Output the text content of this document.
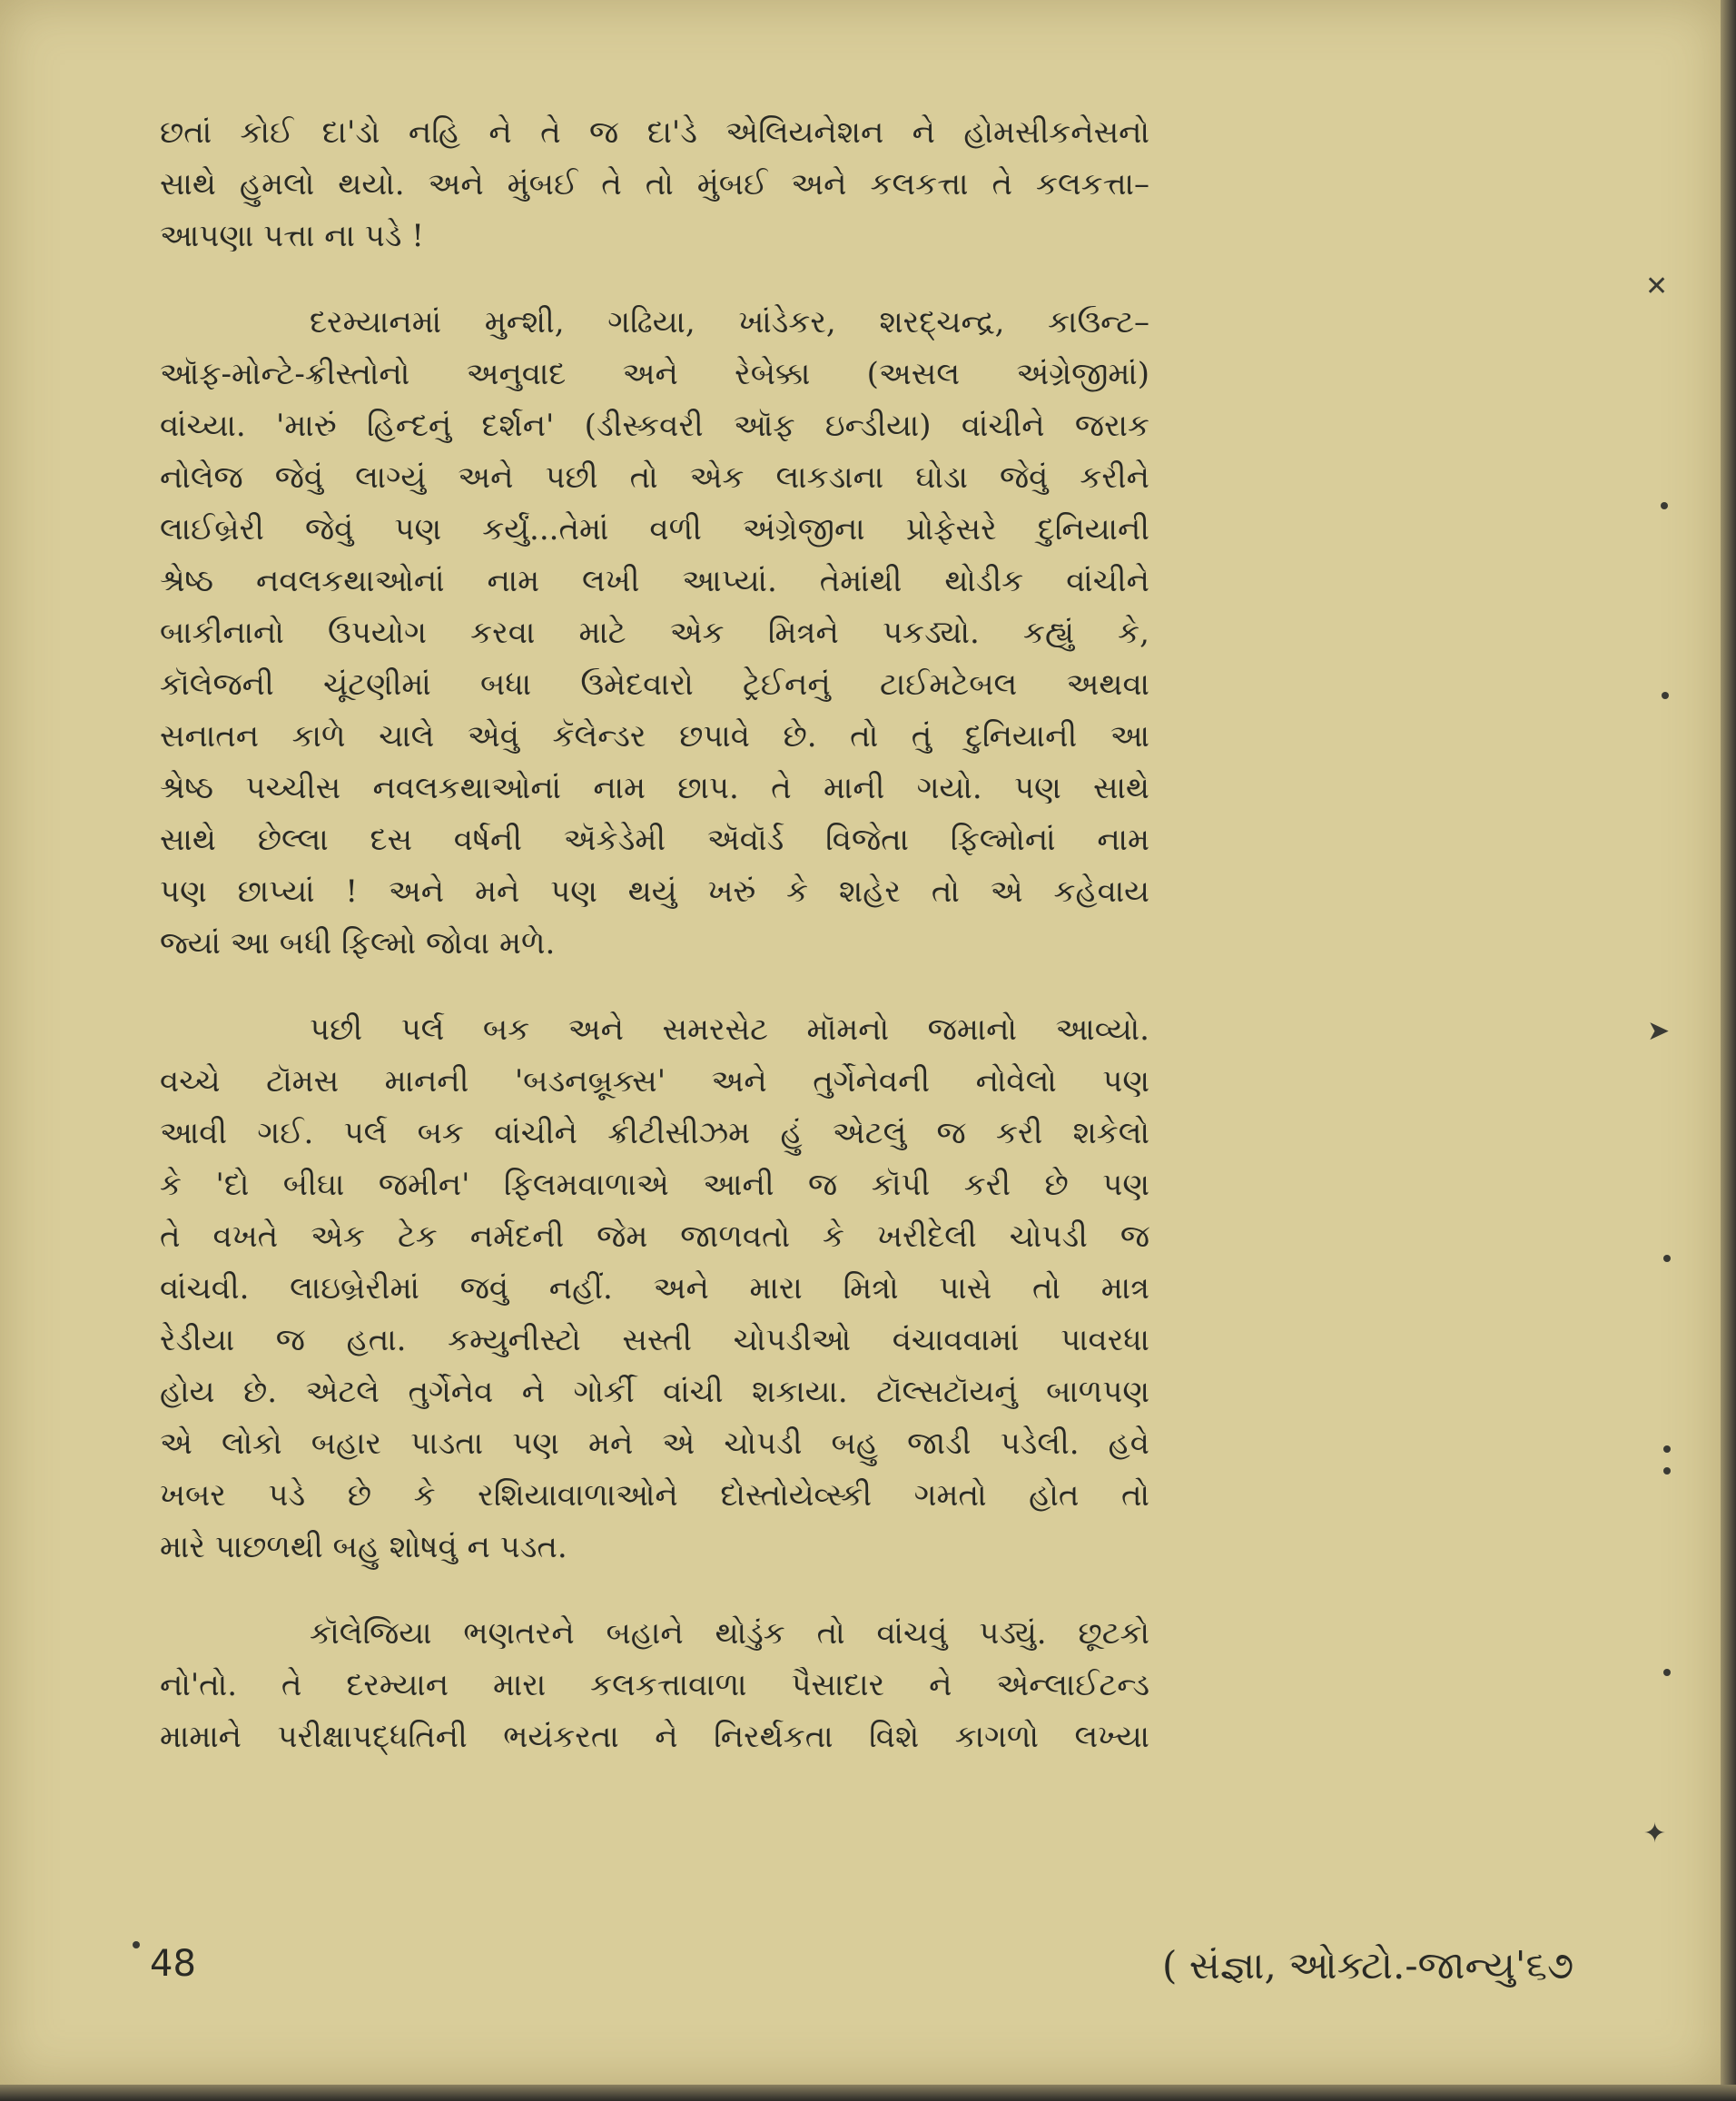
છતાં કોઈ દા'ડો નહિ ને તે જ દા'ડે એલિયનેશન ને હોમસીકનેસનો
સાથે હુમલો થયો. અને મુંબઈ તે તો મુંબઈ અને કલકત્તા તે કલકત્તા–
આપણા પત્તા ના પડે !
દરમ્યાનમાં મુન્શી, ગઢિયા, ખાંડેકર, શરદ્ચન્દ્ર, કાઉન્ટ–
ઑફ-મોન્ટે-ક્રીસ્તોનો અનુવાદ અને રેબેક્કા (અસલ અંગ્રેજીમાં)
વાંચ્યા. 'મારું હિન્દનું દર્શન' (ડીસ્કવરી ઑફ ઇન્ડીયા) વાંચીને જરાક
નોલેજ જેવું લાગ્યું અને પછી તો એક લાકડાના ઘોડા જેવું કરીને
લાઈબ્રેરી જેવું પણ કર્યું...તેમાં વળી અંગ્રેજીના પ્રોફેસરે દુનિયાની
શ્રેષ્ઠ નવલકથાઓનાં નામ લખી આપ્યાં. તેમાંથી થોડીક વાંચીને
બાકીનાનો ઉપયોગ કરવા માટે એક મિત્રને પકડ્યો. કહ્યું કે,
કૉલેજની ચૂંટણીમાં બધા ઉમેદવારો ટ્રેઈનનું ટાઈમટેબલ અથવા
સનાતન કાળે ચાલે એવું કૅલેન્ડર છપાવે છે. તો તું દુનિયાની આ
શ્રેષ્ઠ પચ્ચીસ નવલકથાઓનાં નામ છાપ. તે માની ગયો. પણ સાથે
સાથે છેલ્લા દસ વર્ષની ઍકેડેમી ઍવૉર્ડ વિજેતા ફિલ્મોનાં નામ
પણ છાપ્યાં ! અને મને પણ થયું ખરું કે શહેર તો એ કહેવાય
જ્યાં આ બધી ફિલ્મો જોવા મળે.
પછી પર્લ બક અને સમરસેટ મૉમનો જમાનો આવ્યો.
વચ્ચે ટૉમસ માનની 'બડનબ્રૂક્સ' અને તુર્ગેનેવની નોવેલો પણ
આવી ગઈ. પર્લ બક વાંચીને ક્રીટીસીઝમ હું એટલું જ કરી શકેલો
કે 'દો બીઘા જમીન' ફિલમવાળાએ આની જ કૉપી કરી છે પણ
તે વખતે એક ટેક નર્મદની જેમ જાળવતો કે ખરીદેલી ચોપડી જ
વાંચવી. લાઇબ્રેરીમાં જવું નહીં. અને મારા મિત્રો પાસે તો માત્ર
રેડીયા જ હતા. કમ્યુનીસ્ટો સસ્તી ચોપડીઓ વંચાવવામાં પાવરધા
હોય છે. એટલે તુર્ગેનેવ ને ગોર્કી વાંચી શકાયા. ટૉલ્સટૉયનું બાળપણ
એ લોકો બહાર પાડતા પણ મને એ ચોપડી બહુ જાડી પડેલી. હવે
ખબર પડે છે કે રશિયાવાળાઓને દોસ્તોયેવ્સ્કી ગમતો હોત તો
મારે પાછળથી બહુ શોષવું ન પડત.
કૉલેજિયા ભણતરને બહાને થોડુંક તો વાંચવું પડ્યું. છૂટકો
નો'તો. તે દરમ્યાન મારા કલકત્તાવાળા પૈસાદાર ને એન્લાઈટન્ડ
મામાને પરીક્ષાપદ્ધતિની ભયંકરતા ને નિરર્થકતા વિશે કાગળો લખ્યા
48	( સંજ્ઞા, ઓક્ટો.-જાન્યુ'૬૭
✕
➤
✦
